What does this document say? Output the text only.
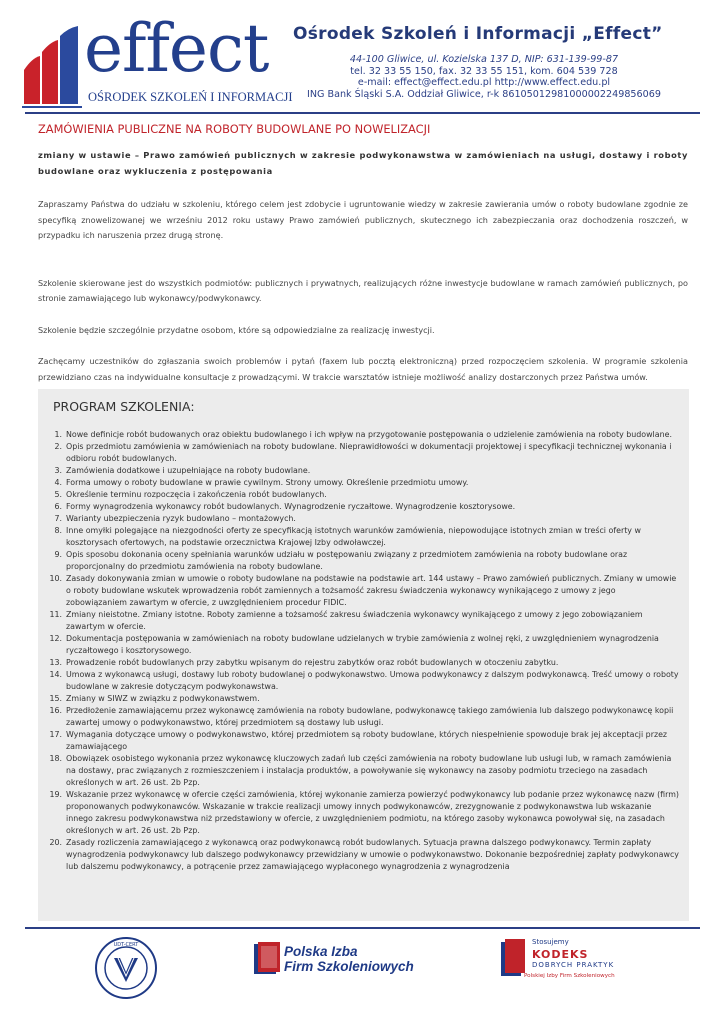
effect
OŚRODEK SZKOLEŃ I INFORMACJI
Ośrodek Szkoleń i Informacji „Effect”
44-100 Gliwice, ul. Kozielska 137 D, NIP: 631-139-99-87
tel. 32 33 55 150, fax. 32 33 55 151, kom. 604 539 728
e-mail: effect@effect.edu.pl http://www.effect.edu.pl
ING Bank Śląski S.A. Oddział Gliwice, r-k 86105012981000002249856069
ZAMÓWIENIA PUBLICZNE NA ROBOTY BUDOWLANE PO NOWELIZACJI
zmiany w ustawie – Prawo zamówień publicznych w zakresie podwykonawstwa w zamówieniach na usługi, dostawy i roboty budowlane oraz wykluczenia z postępowania
Zapraszamy Państwa do udziału w szkoleniu, którego celem jest zdobycie i ugruntowanie wiedzy w zakresie zawierania umów o roboty budowlane zgodnie ze specyfiką znowelizowanej we wrześniu 2012 roku ustawy Prawo zamówień publicznych, skutecznego ich zabezpieczania oraz dochodzenia roszczeń, w przypadku ich naruszenia przez drugą stronę.
Szkolenie skierowane jest do wszystkich podmiotów: publicznych i prywatnych, realizujących różne inwestycje budowlane w ramach zamówień publicznych, po stronie zamawiającego lub wykonawcy/podwykonawcy.
Szkolenie będzie szczególnie przydatne osobom, które są odpowiedzialne za realizację inwestycji.
Zachęcamy uczestników do zgłaszania swoich problemów i pytań (faxem lub pocztą elektroniczną) przed rozpoczęciem szkolenia. W programie szkolenia przewidziano czas na indywidualne konsultacje z prowadzącymi. W trakcie warsztatów istnieje możliwość analizy dostarczonych przez Państwa umów.
PROGRAM SZKOLENIA:
1. Nowe definicje robót budowanych oraz obiektu budowlanego i ich wpływ na przygotowanie postępowania o udzielenie zamówienia na roboty budowlane.
2. Opis przedmiotu zamówienia w zamówieniach na roboty budowlane. Nieprawidłowości w dokumentacji projektowej i specyfikacji technicznej wykonania i odbioru robót budowlanych.
3. Zamówienia dodatkowe i uzupełniające na roboty budowlane.
4. Forma umowy o roboty budowlane w prawie cywilnym. Strony umowy. Określenie przedmiotu umowy.
5. Określenie terminu rozpoczęcia i zakończenia robót budowlanych.
6. Formy wynagrodzenia wykonawcy robót budowlanych. Wynagrodzenie ryczałtowe. Wynagrodzenie kosztorysowe.
7. Warianty ubezpieczenia ryzyk budowlano – montażowych.
8. Inne omyłki polegające na niezgodności oferty ze specyfikacją istotnych warunków zamówienia, niepowodujące istotnych zmian w treści oferty w kosztorysach ofertowych, na podstawie orzecznictwa Krajowej Izby odwoławczej.
9. Opis sposobu dokonania oceny spełniania warunków udziału w postępowaniu związany z przedmiotem zamówienia na roboty budowlane oraz proporcjonalny do przedmiotu zamówienia na roboty budowlane.
10. Zasady dokonywania zmian w umowie o roboty budowlane na podstawie na podstawie art. 144 ustawy – Prawo zamówień publicznych. Zmiany w umowie o roboty budowlane wskutek wprowadzenia robót zamiennych a tożsamość zakresu świadczenia wykonawcy wynikającego z umowy z jego zobowiązaniem zawartym w ofercie, z uwzględnieniem procedur FIDIC.
11. Zmiany nieistotne. Zmiany istotne. Roboty zamienne a tożsamość zakresu świadczenia wykonawcy wynikającego z umowy z jego zobowiązaniem zawartym w ofercie.
12. Dokumentacja postępowania w zamówieniach na roboty budowlane udzielanych w trybie zamówienia z wolnej ręki, z uwzględnieniem wynagrodzenia ryczałtowego i kosztorysowego.
13. Prowadzenie robót budowlanych przy zabytku wpisanym do rejestru zabytków oraz robót budowlanych w otoczeniu zabytku.
14. Umowa z wykonawcą usługi, dostawy lub roboty budowlanej o podwykonawstwo. Umowa podwykonawcy z dalszym podwykonawcą. Treść umowy o roboty budowlane w zakresie dotyczącym podwykonawstwa.
15. Zmiany w SIWZ w związku z podwykonawstwem.
16. Przedłożenie zamawiającemu przez wykonawcę zamówienia na roboty budowlane, podwykonawcę takiego zamówienia lub dalszego podwykonawcę kopii zawartej umowy o podwykonawstwo, której przedmiotem są dostawy lub usługi.
17. Wymagania dotyczące umowy o podwykonawstwo, której przedmiotem są roboty budowlane, których niespełnienie spowoduje brak jej akceptacji przez zamawiającego
18. Obowiązek osobistego wykonania przez wykonawcę kluczowych zadań lub części zamówienia na roboty budowlane lub usługi lub, w ramach zamówienia na dostawy, prac związanych z rozmieszczeniem i instalacja produktów, a powoływanie się wykonawcy na zasoby podmiotu trzeciego na zasadach określonych w art. 26 ust. 2b Pzp.
19. Wskazanie przez wykonawcę w ofercie części zamówienia, której wykonanie zamierza powierzyć podwykonawcy lub podanie przez wykonawcę nazw (firm) proponowanych podwykonawców. Wskazanie w trakcie realizacji umowy innych podwykonawców, zrezygnowanie z podwykonawstwa lub wskazanie innego zakresu podwykonawstwa niż przedstawiony w ofercie, z uwzględnieniem podmiotu, na którego zasoby wykonawca powoływał się, na zasadach określonych w art. 26 ust. 2b Pzp.
20. Zasady rozliczenia zamawiającego z wykonawcą oraz podwykonawcą robót budowlanych. Sytuacja prawna dalszego podwykonawcy. Termin zapłaty wynagrodzenia podwykonawcy lub dalszego podwykonawcy przewidziany w umowie o podwykonawstwo. Dokonanie bezpośredniej zapłaty podwykonawcy lub dalszemu podwykonawcy, a potrącenie przez zamawiającego wypłaconego wynagrodzenia z wynagrodzenia
UDT-CERT	Polska Izba
Firm Szkoleniowych
Stosujemy
KODEKS
DOBRYCH PRAKTYK
Polskiej Izby Firm Szkoleniowych
